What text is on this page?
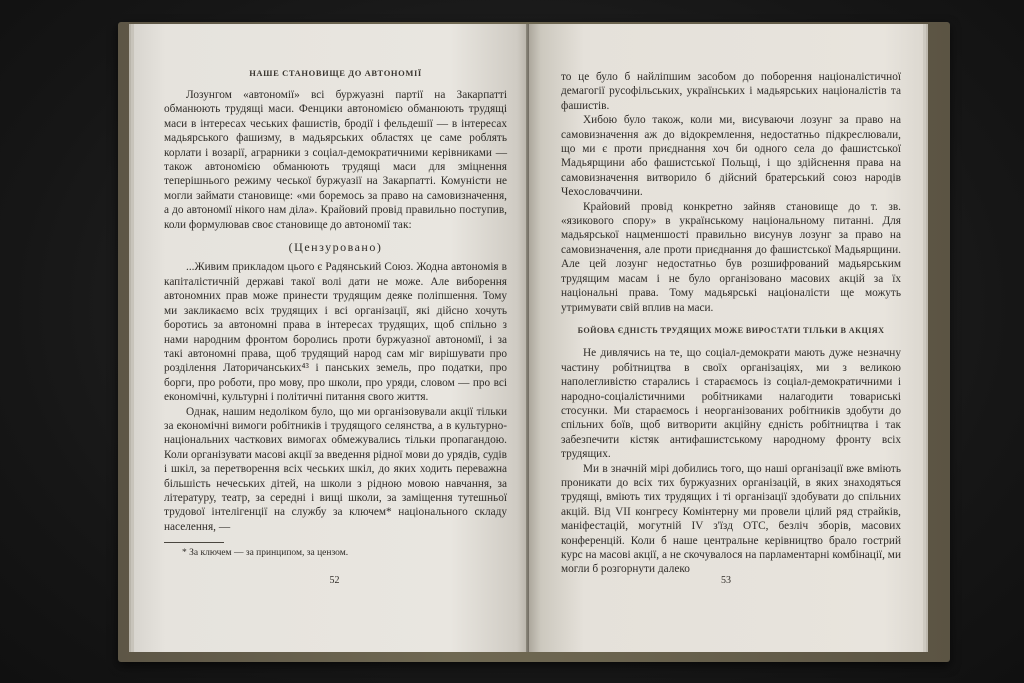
НАШЕ СТАНОВИЩЕ ДО АВТОНОМІЇ

Лозунгом «автономії» всі буржуазні партії на Закарпатті обманюють трудящі маси. Фенцики автономією обманюють трудящі маси в інтересах чеських фашистів, бродії і фельдешії — в інтересах мадьярського фашизму, в мадьярських областях це саме роблять корлати і возарії, аграрники з соціал-демократичними керівниками — також автономією обманюють трудящі маси для зміцнення теперішнього режиму чеської буржуазії на Закарпатті. Комуністи не могли займати становище: «ми боремось за право на самовизначення, а до автономії нікого нам діла». Крайовий провід правильно поступив, коли формулював своє становище до автономії так:

(Цензуровано)

...Живим прикладом цього є Радянський Союз. Жодна автономія в капіталістичній державі такої волі дати не може. Але виборення автономних прав може принести трудящим деяке поліпшення. Тому ми закликаємо всіх трудящих і всі організації, які дійсно хочуть боротись за автономні права в інтересах трудящих, щоб спільно з нами народним фронтом боролись проти буржуазної автономії, і за такі автономні права, щоб трудящий народ сам міг вирішувати про розділення Латоричанських⁴³ і панських земель, про податки, про борги, про роботи, про мову, про школи, про уряди, словом — про всі економічні, культурні і політичні питання свого життя.

Однак, нашим недоліком було, що ми організовували акції тільки за економічні вимоги робітників і трудящого селянства, а в культурно-національних часткових вимогах обмежувались тільки пропагандою. Коли організувати масові акції за введення рідної мови до урядів, судів і шкіл, за перетворення всіх чеських шкіл, до яких ходить переважна більшість нечеських дітей, на школи з рідною мовою навчання, за літературу, театр, за середні і вищі школи, за заміщення тутешньої трудової інтелігенції на службу за ключем* національного складу населення, —

* За ключем — за принципом, за цензом.
52

то це було б найліпшим засобом до поборення націоналістичної демагогії русофільських, українських і мадьярських націоналістів та фашистів.

Хибою було також, коли ми, висуваючи лозунг за право на самовизначення аж до відокремлення, недостатньо підкреслювали, що ми є проти приєднання хоч би одного села до фашистської Мадьярщини або фашистської Польщі, і що здійснення права на самовизначення витворило б дійсний братерський союз народів Чехословаччини.

Крайовий провід конкретно зайняв становище до т. зв. «язикового спору» в українському національному питанні. Для мадьярської нацменшості правильно висунув лозунг за право на самовизначення, але проти приєднання до фашистської Мадьярщини. Але цей лозунг недостатньо був розшифрований мадьярським трудящим масам і не було організовано масових акцій за їх національні права. Тому мадьярські націоналісти ще можуть утримувати свій вплив на маси.

БОЙОВА ЄДНІСТЬ ТРУДЯЩИХ МОЖЕ ВИРОСТАТИ ТІЛЬКИ В АКЦІЯХ

Не дивлячись на те, що соціал-демократи мають дуже незначну частину робітництва в своїх організаціях, ми з великою наполегливістю старались і стараємось із соціал-демократичними і народно-соціалістичними робітниками налагодити товариські стосунки. Ми стараємось і неорганізованих робітників здобути до спільних боїв, щоб витворити акційну єдність робітництва і так забезпечити кістяк антифашистському народному фронту всіх трудящих.

Ми в значній мірі добились того, що наші організації вже вміють проникати до всіх тих буржуазних організацій, в яких знаходяться трудящі, вміють тих трудящих і ті організації здобувати до спільних акцій. Від VII конгресу Комінтерну ми провели цілий ряд страйків, маніфестацій, могутній IV з'їзд ОТС, безліч зборів, масових конференцій. Коли б наше центральне керівництво брало гострий курс на масові акції, а не скочувалося на парламентарні комбінації, ми могли б розгорнути далеко

53
